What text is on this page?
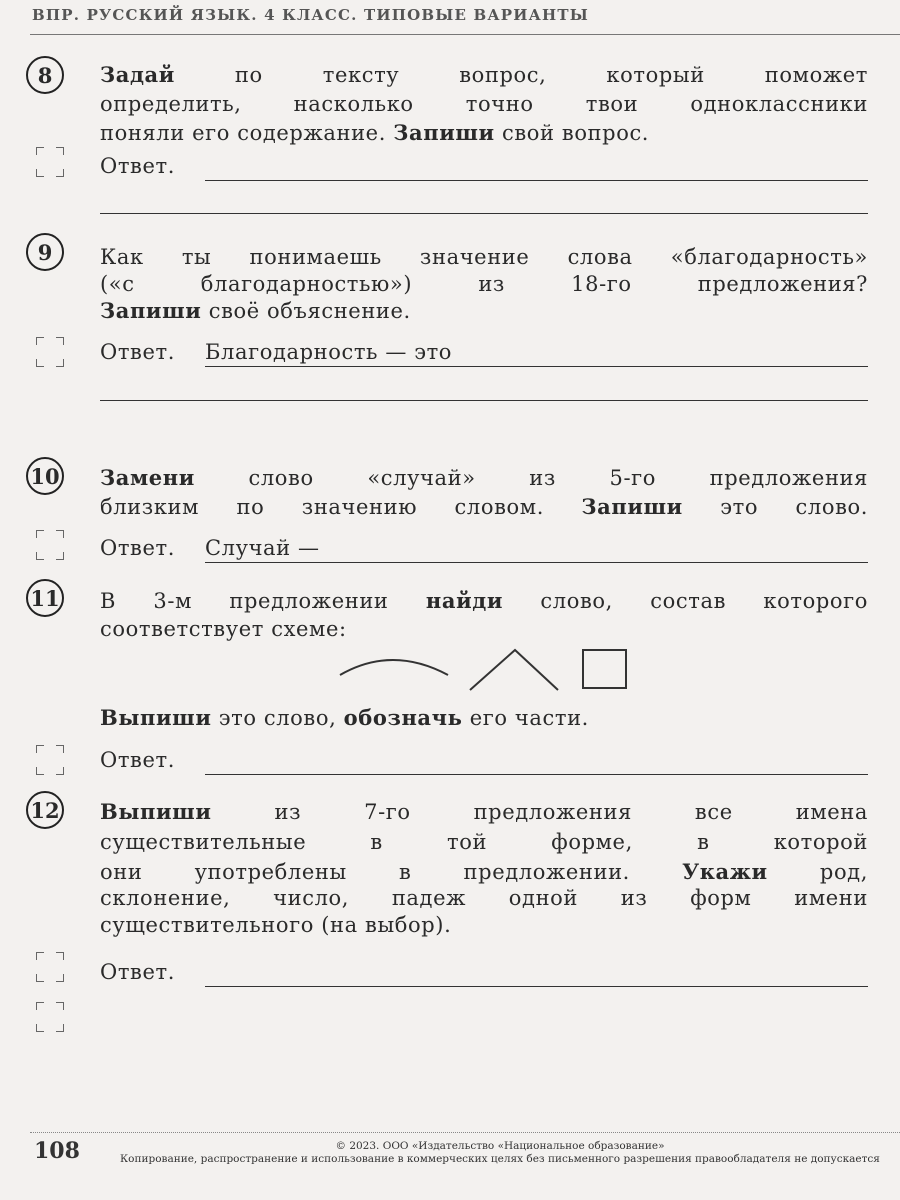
ВПР. РУССКИЙ ЯЗЫК. 4 КЛАСС. ТИПОВЫЕ ВАРИАНТЫ
8	Задай по тексту вопрос, который поможет
определить, насколько точно твои одноклассники
поняли его содержание. Запиши свой вопрос.
Ответ.
9	Как ты понимаешь значение слова «благодарность»
(«с благодарностью») из 18-го предложения?
Запиши своё объяснение.
Ответ. Благодарность — это
10 Замени слово «случай» из 5-го предложения
близким по значению словом. Запиши это слово.
Ответ. Случай —
11 В 3-м предложении найди слово, состав которого
соответствует схеме:
Выпиши это слово, обозначь его части.
Ответ.
12 Выпиши из 7-го предложения все имена
существительные в той форме, в которой
они употреблены в предложении. Укажи род,
склонение, число, падеж одной из форм имени
существительного (на выбор).
Ответ.
108	© 2023. ООО «Издательство «Национальное образование»
Копирование, распространение и использование в коммерческих целях без письменного разрешения правообладателя не допускается
